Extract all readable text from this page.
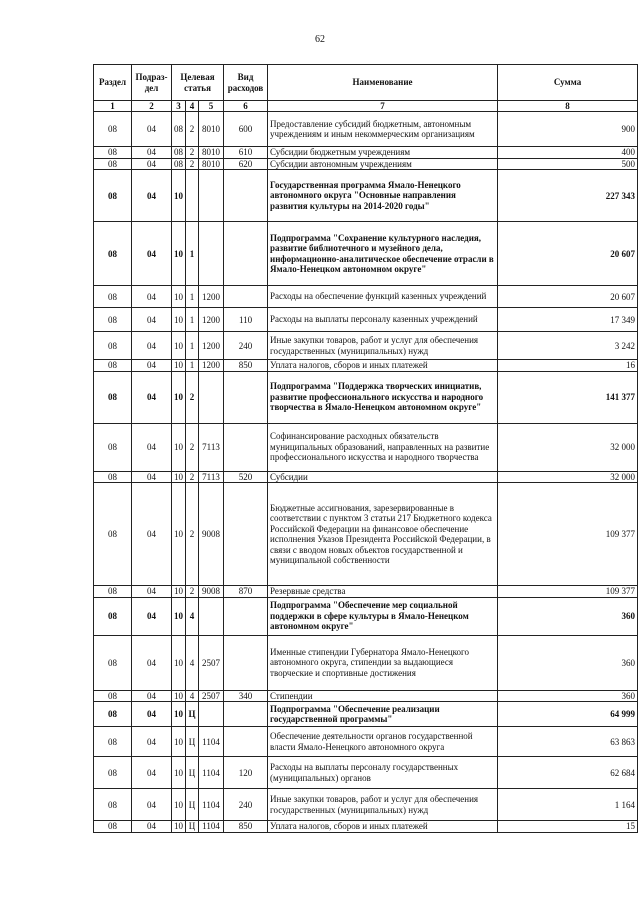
62
Раздел	Подраз-дел	Целевая статья			Вид расходов	Наименование	Сумма
1	2	3	4	5	6	7	8
08	04	08	2	8010	600	Предоставление субсидий бюджетным, автономным учреждениям и иным некоммерческим организациям	900
08	04	08	2	8010	610	Субсидии бюджетным учреждениям	400
08	04	08	2	8010	620	Субсидии автономным учреждениям	500
08	04	10				Государственная программа Ямало-Ненецкого автономного округа "Основные направления развития культуры на 2014-2020 годы"	227 343
08	04	10	1			Подпрограмма "Сохранение культурного наследия, развитие библиотечного и музейного дела, информационно-аналитическое обеспечение отрасли в Ямало-Ненецком автономном округе"	20 607
08	04	10	1	1200		Расходы на обеспечение функций казенных учреждений	20 607
08	04	10	1	1200	110	Расходы на выплаты персоналу казенных учреждений	17 349
08	04	10	1	1200	240	Иные закупки товаров, работ и услуг для обеспечения государственных (муниципальных) нужд	3 242
08	04	10	1	1200	850	Уплата налогов, сборов и иных платежей	16
08	04	10	2			Подпрограмма "Поддержка творческих инициатив, развитие профессионального искусства и народного творчества в Ямало-Ненецком автономном округе"	141 377
08	04	10	2	7113		Софинансирование расходных обязательств муниципальных образований, направленных на развитие профессионального искусства и народного творчества	32 000
08	04	10	2	7113	520	Субсидии	32 000
08	04	10	2	9008		Бюджетные ассигнования, зарезервированные в соответствии с пунктом 3 статьи 217 Бюджетного кодекса Российской Федерации на финансовое обеспечение исполнения Указов Президента Российской Федерации, в связи с вводом новых объектов государственной и муниципальной собственности	109 377
08	04	10	2	9008	870	Резервные средства	109 377
08	04	10	4			Подпрограмма "Обеспечение мер социальной поддержки в сфере культуры в Ямало-Ненецком автономном округе"	360
08	04	10	4	2507		Именные стипендии Губернатора Ямало-Ненецкого автономного округа, стипендии за выдающиеся творческие и спортивные достижения	360
08	04	10	4	2507	340	Стипендии	360
08	04	10	Ц			Подпрограмма "Обеспечение реализации государственной программы"	64 999
08	04	10	Ц	1104		Обеспечение деятельности органов государственной власти Ямало-Ненецкого автономного округа	63 863
08	04	10	Ц	1104	120	Расходы на выплаты персоналу государственных (муниципальных) органов	62 684
08	04	10	Ц	1104	240	Иные закупки товаров, работ и услуг для обеспечения государственных (муниципальных) нужд	1 164
08	04	10	Ц	1104	850	Уплата налогов, сборов и иных платежей	15
